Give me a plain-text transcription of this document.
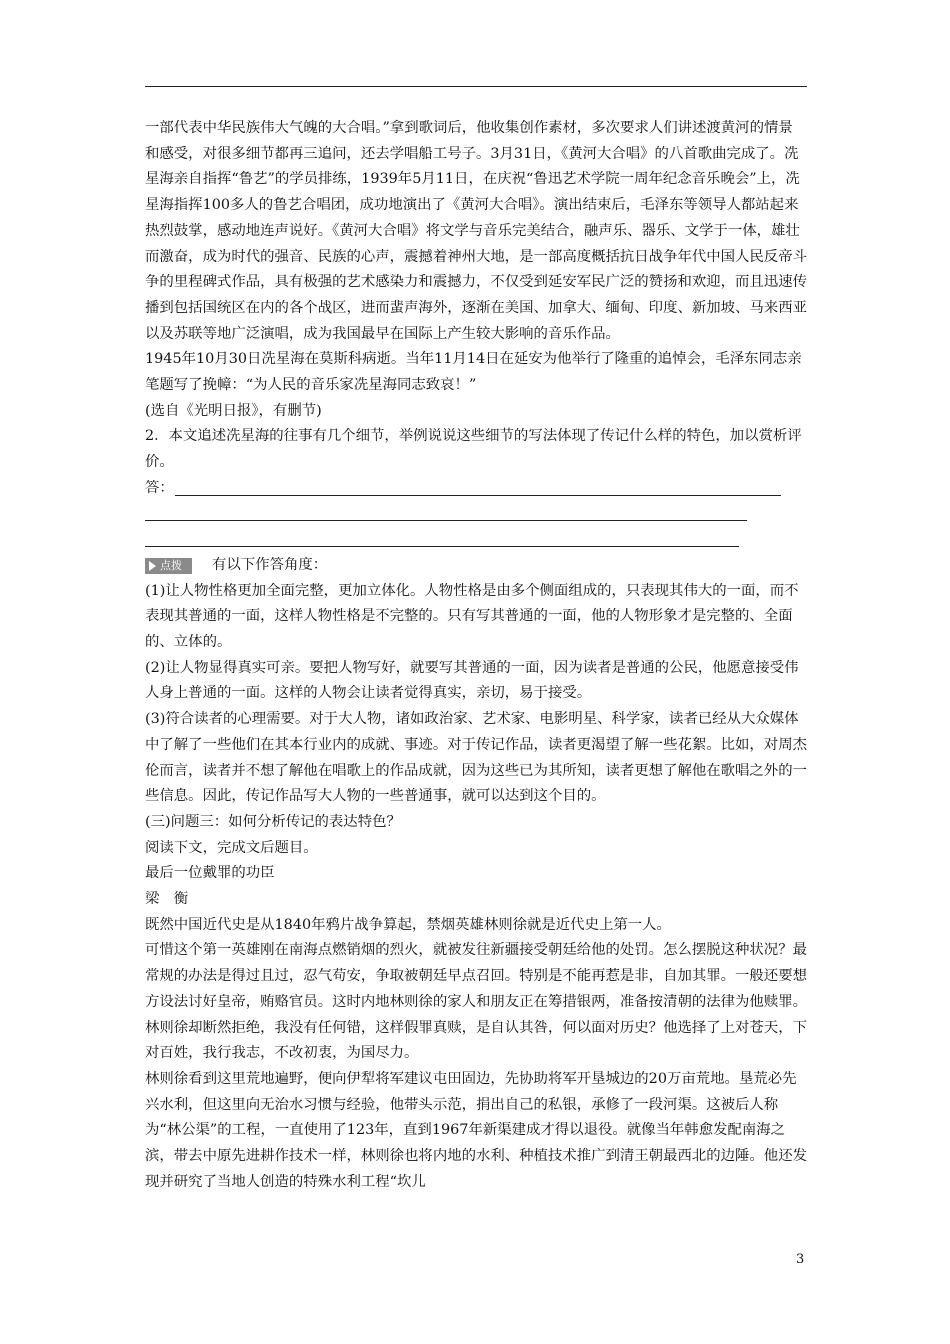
一部代表中华民族伟大气魄的大合唱。”拿到歌词后，他收集创作素材，多次要求人们讲述渡黄河的情景和感受，对很多细节都再三追问，还去学唱船工号子。3月31日，《黄河大合唱》的八首歌曲完成了。冼星海亲自指挥“鲁艺”的学员排练，1939年5月11日，在庆祝“鲁迅艺术学院一周年纪念音乐晚会”上，冼星海指挥100多人的鲁艺合唱团，成功地演出了《黄河大合唱》。演出结束后，毛泽东等领导人都站起来热烈鼓掌，感动地连声说好。《黄河大合唱》将文学与音乐完美结合，融声乐、器乐、文学于一体，雄壮而激奋，成为时代的强音、民族的心声，震撼着神州大地，是一部高度概括抗日战争年代中国人民反帝斗争的里程碑式作品，具有极强的艺术感染力和震撼力，不仅受到延安军民广泛的赞扬和欢迎，而且迅速传播到包括国统区在内的各个战区，进而蜚声海外，逐渐在美国、加拿大、缅甸、印度、新加坡、马来西亚以及苏联等地广泛演唱，成为我国最早在国际上产生较大影响的音乐作品。

1945年10月30日冼星海在莫斯科病逝。当年11月14日在延安为他举行了隆重的追悼会，毛泽东同志亲笔题写了挽幛：“为人民的音乐家冼星海同志致哀！”

(选自《光明日报》，有删节)

2．本文追述冼星海的往事有几个细节，举例说说这些细节的写法体现了传记什么样的特色，加以赏析评价。

答：
点拨 有以下作答角度：

(1)让人物性格更加全面完整，更加立体化。人物性格是由多个侧面组成的，只表现其伟大的一面，而不表现其普通的一面，这样人物性格是不完整的。只有写其普通的一面，他的人物形象才是完整的、全面的、立体的。

(2)让人物显得真实可亲。要把人物写好，就要写其普通的一面，因为读者是普通的公民，他愿意接受伟人身上普通的一面。这样的人物会让读者觉得真实，亲切，易于接受。

(3)符合读者的心理需要。对于大人物，诸如政治家、艺术家、电影明星、科学家，读者已经从大众媒体中了解了一些他们在其本行业内的成就、事迹。对于传记作品，读者更渴望了解一些花絮。比如，对周杰伦而言，读者并不想了解他在唱歌上的作品成就，因为这些已为其所知，读者更想了解他在歌唱之外的一些信息。因此，传记作品写大人物的一些普通事，就可以达到这个目的。

(三)问题三：如何分析传记的表达特色？

阅读下文，完成文后题目。

最后一位戴罪的功臣

梁　衡

既然中国近代史是从1840年鸦片战争算起，禁烟英雄林则徐就是近代史上第一人。

可惜这个第一英雄刚在南海点燃销烟的烈火，就被发往新疆接受朝廷给他的处罚。怎么摆脱这种状况？最常规的办法是得过且过，忍气苟安，争取被朝廷早点召回。特别是不能再惹是非，自加其罪。一般还要想方设法讨好皇帝，贿赂官员。这时内地林则徐的家人和朋友正在筹措银两，准备按清朝的法律为他赎罪。林则徐却断然拒绝，我没有任何错，这样假罪真赎，是自认其咎，何以面对历史？他选择了上对苍天，下对百姓，我行我志，不改初衷，为国尽力。

林则徐看到这里荒地遍野，便向伊犁将军建议屯田固边，先协助将军开垦城边的20万亩荒地。垦荒必先兴水利，但这里向无治水习惯与经验，他带头示范，捐出自己的私银，承修了一段河渠。这被后人称为“林公渠”的工程，一直使用了123年，直到1967年新渠建成才得以退役。就像当年韩愈发配南海之滨，带去中原先进耕作技术一样，林则徐也将内地的水利、种植技术推广到清王朝最西北的边陲。他还发现并研究了当地人创造的特殊水利工程“坎儿

3
